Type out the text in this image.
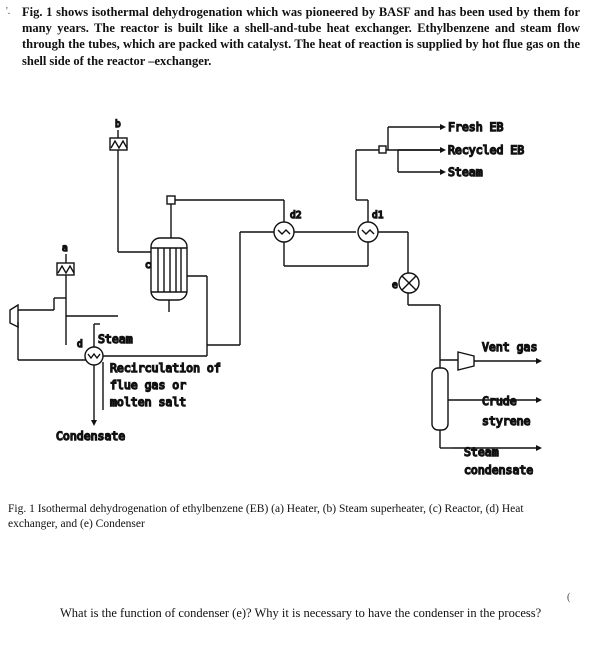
'. Fig. 1 shows isothermal dehydrogenation which was pioneered by BASF and has been used by them for many years. The reactor is built like a shell-and-tube heat exchanger. Ethylbenzene and steam flow through the tubes, which are packed with catalyst. The heat of reaction is supplied by hot flue gas on the shell side of the reactor –exchanger.
Fresh EB
Recycled EB
Steam
b
a
c
d2	d1
e
d Steam
Recirculation of
flue gas or
molten salt
Condensate
Vent gas
Crude
styrene
Steam
condensate
Fig. 1 Isothermal dehydrogenation of ethylbenzene (EB) (a) Heater, (b) Steam superheater, (c) Reactor, (d) Heat exchanger, and (e) Condenser
(
What is the function of condenser (e)? Why it is necessary to have the condenser in the process?
